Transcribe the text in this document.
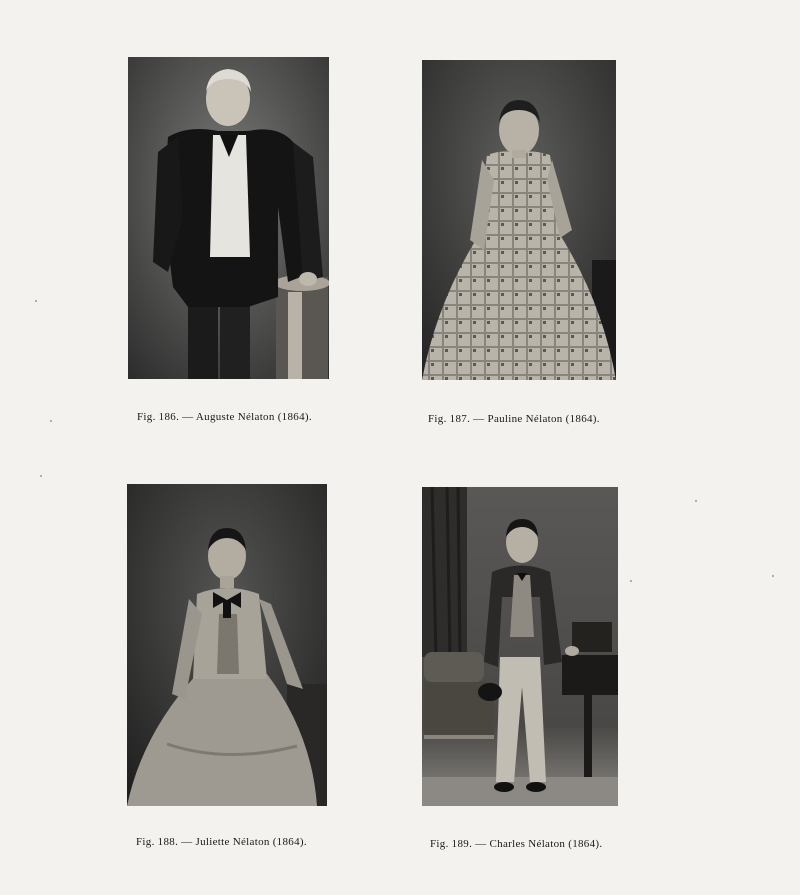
Fig. 186. — Auguste Nélaton (1864).	Fig. 187. — Pauline Nélaton (1864).
Fig. 188. — Juliette Nélaton (1864).	Fig. 189. — Charles Nélaton (1864).
